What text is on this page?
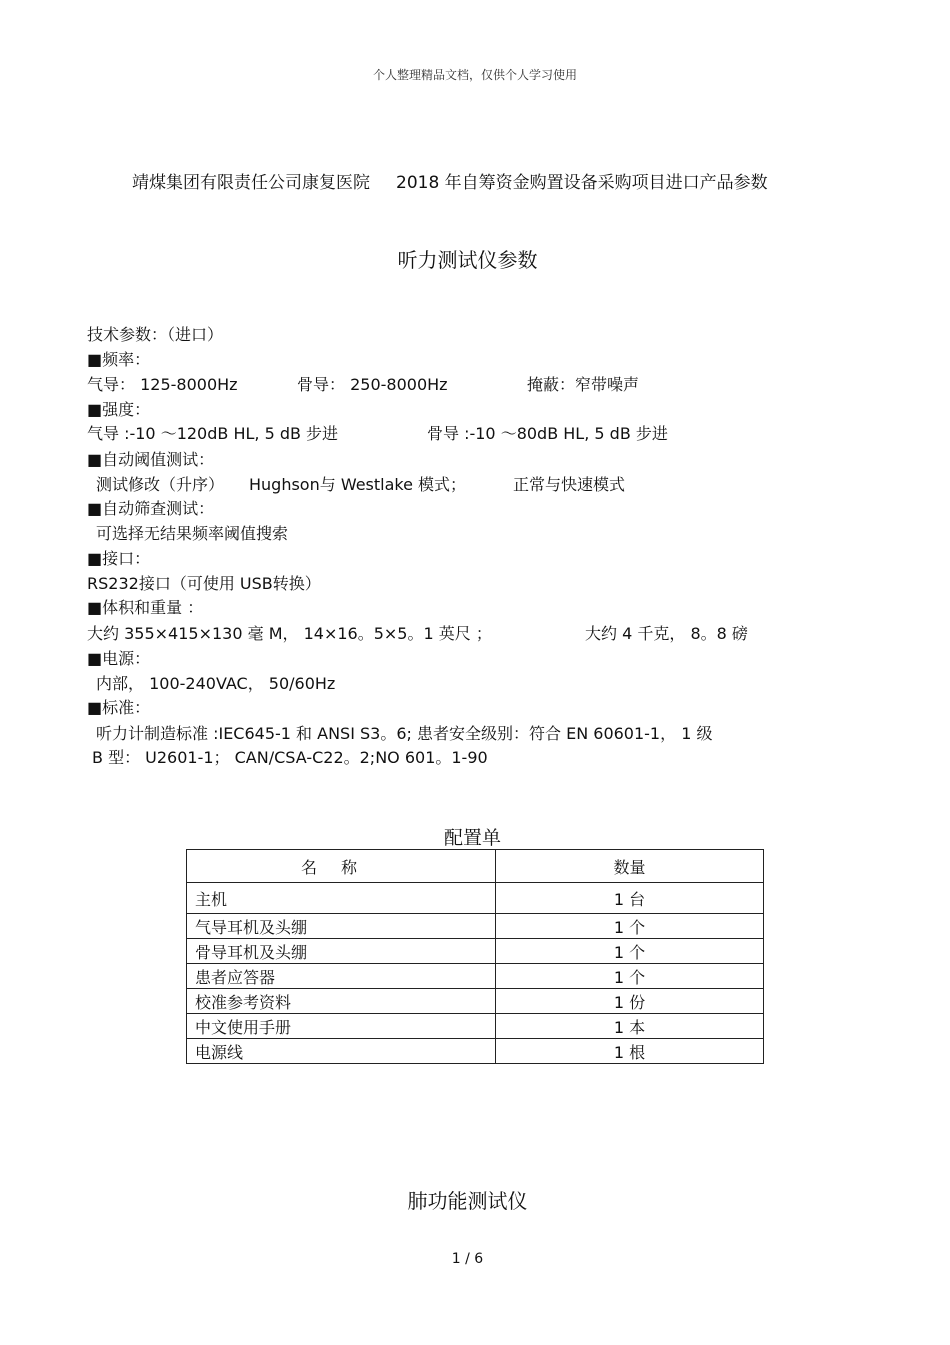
个人整理精品文档，仅供个人学习使用
靖煤集团有限责任公司康复医院 2018 年自筹资金购置设备采购项目进口产品参数
听力测试仪参数
技术参数：（进口）
■频率：
气导： 125-8000Hz	骨导： 250-8000Hz	掩蔽：窄带噪声
■强度：
气导 :-10 ～120dB HL, 5 dB 步进	骨导 :-10 ～80dB HL, 5 dB 步进
■自动阈值测试：
测试修改（升序） Hughson与 Westlake 模式；	正常与快速模式
■自动筛查测试：
可选择无结果频率阈值搜索
■接口：
RS232接口（可使用 USB转换）
■体积和重量 ：
大约 355×415×130 毫 M， 14×16。5×5。1 英尺 ；	大约 4 千克， 8。8 磅
■电源：
内部， 100-240VAC， 50/60Hz
■标准：
听力计制造标准 :IEC645-1 和 ANSI S3。6; 患者安全级别：符合 EN 60601-1， 1 级
B 型： U2601-1； CAN/CSA-C22。2;NO 601。1-90
配置单
名称	数量
主机	1 台
气导耳机及头绷	1 个
骨导耳机及头绷	1 个
患者应答器	1 个
校准参考资料	1 份
中文使用手册	1 本
电源线	1 根
肺功能测试仪
1 / 6
